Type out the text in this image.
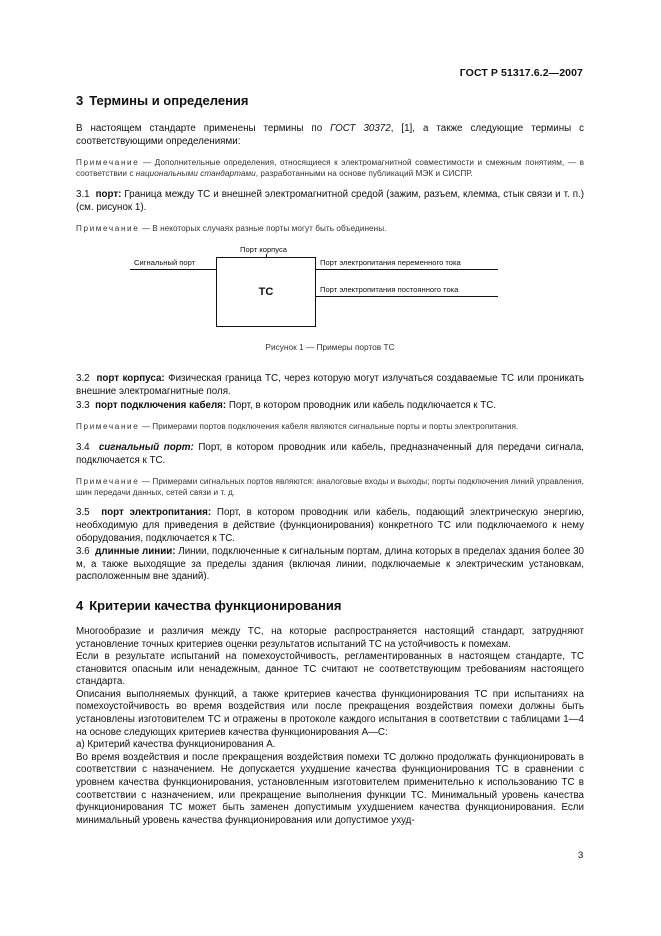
ГОСТ Р 51317.6.2—2007
3 Термины и определения

В настоящем стандарте применены термины по ГОСТ 30372, [1], а также следующие термины с соответствующими определениями:

Примечание — Дополнительные определения, относящиеся к электромагнитной совместимости и смежным понятиям, — в соответствии с национальными стандартами, разработанными на основе публикаций МЭК и СИСПР.

3.1 порт: Граница между ТС и внешней электромагнитной средой (зажим, разъем, клемма, стык связи и т. п.) (см. рисунок 1).

Примечание — В некоторых случаях разные порты могут быть объединены.

Порт корпуса
ТС
Сигнальный порт	Порт электропитания переменного тока
Порт электропитания постоянного тока
Рисунок 1 — Примеры портов ТС

3.2 порт корпуса: Физическая граница ТС, через которую могут излучаться создаваемые ТС или проникать внешние электромагнитные поля.

3.3 порт подключения кабеля: Порт, в котором проводник или кабель подключается к ТС.

Примечание — Примерами портов подключения кабеля являются сигнальные порты и порты электропитания.

3.4 сигнальный порт: Порт, в котором проводник или кабель, предназначенный для передачи сигнала, подключается к ТС.

Примечание — Примерами сигнальных портов являются: аналоговые входы и выходы; порты подключения линий управления, шин передачи данных, сетей связи и т. д.

3.5 порт электропитания: Порт, в котором проводник или кабель, подающий электрическую энергию, необходимую для приведения в действие (функционирования) конкретного ТС или подключаемого к нему оборудования, подключается к ТС.

3.6 длинные линии: Линии, подключенные к сигнальным портам, длина которых в пределах здания более 30 м, а также выходящие за пределы здания (включая линии, подключаемые к электрическим установкам, расположенным вне зданий).

4 Критерии качества функционирования

Многообразие и различия между ТС, на которые распространяется настоящий стандарт, затрудняют установление точных критериев оценки результатов испытаний ТС на устойчивость к помехам.

Если в результате испытаний на помехоустойчивость, регламентированных в настоящем стандарте, ТС становится опасным или ненадежным, данное ТС считают не соответствующим требованиям настоящего стандарта.

Описания выполняемых функций, а также критериев качества функционирования ТС при испытаниях на помехоустойчивость во время воздействия или после прекращения воздействия помехи должны быть установлены изготовителем ТС и отражены в протоколе каждого испытания в соответствии с таблицами 1—4 на основе следующих критериев качества функционирования А—С:

а) Критерий качества функционирования А.

Во время воздействия и после прекращения воздействия помехи ТС должно продолжать функционировать в соответствии с назначением. Не допускается ухудшение качества функционирования ТС в сравнении с уровнем качества функционирования, установленным изготовителем применительно к использованию ТС в соответствии с назначением, или прекращение выполнения функции ТС. Минимальный уровень качества функционирования ТС может быть заменен допустимым ухудшением качества функционирования. Если минимальный уровень качества функционирования или допустимое ухуд-

3
